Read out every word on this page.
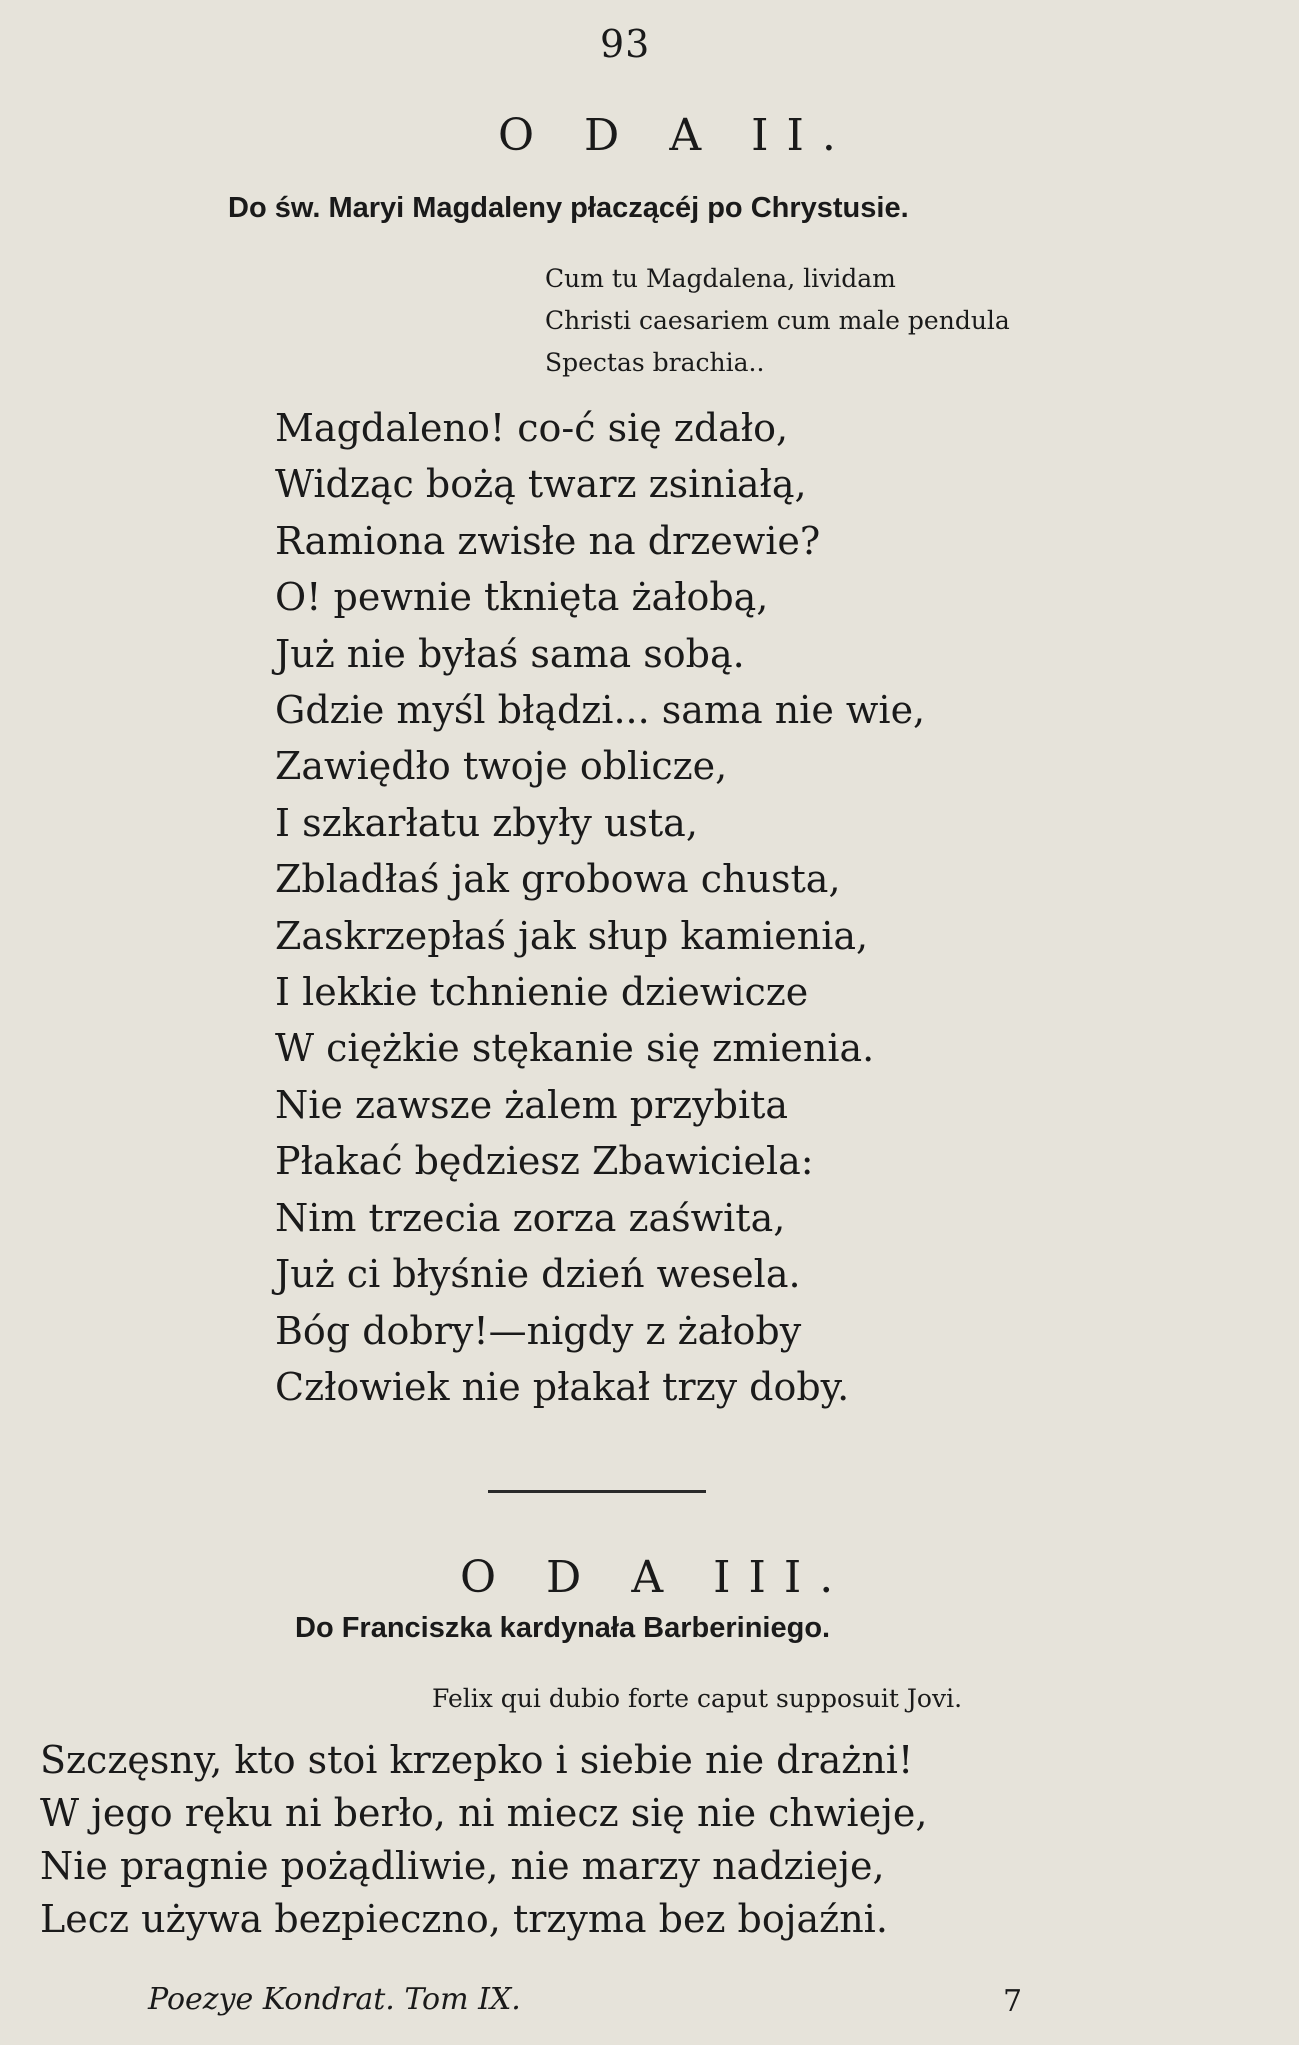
93
O D A II.
Do św. Maryi Magdaleny płaczącéj po Chrystusie.
Cum tu Magdalena, lividam
Christi caesariem cum male pendula
Spectas brachia..
Magdaleno! co-ć się zdało,
Widząc bożą twarz zsiniałą,
Ramiona zwisłe na drzewie?
O! pewnie tknięta żałobą,
Już nie byłaś sama sobą.
Gdzie myśl błądzi... sama nie wie,
Zawiędło twoje oblicze,
I szkarłatu zbyły usta,
Zbladłaś jak grobowa chusta,
Zaskrzepłaś jak słup kamienia,
I lekkie tchnienie dziewicze
W ciężkie stękanie się zmienia.
Nie zawsze żalem przybita
Płakać będziesz Zbawiciela:
Nim trzecia zorza zaświta,
Już ci błyśnie dzień wesela.
Bóg dobry!—nigdy z żałoby
Człowiek nie płakał trzy doby.
O D A III.
Do Franciszka kardynała Barberiniego.
Felix qui dubio forte caput supposuit Jovi.
Szczęsny, kto stoi krzepko i siebie nie drażni!
W jego ręku ni berło, ni miecz się nie chwieje,
Nie pragnie pożądliwie, nie marzy nadzieje,
Lecz używa bezpieczno, trzyma bez bojaźni.
Poezye Kondrat. Tom IX.	7
